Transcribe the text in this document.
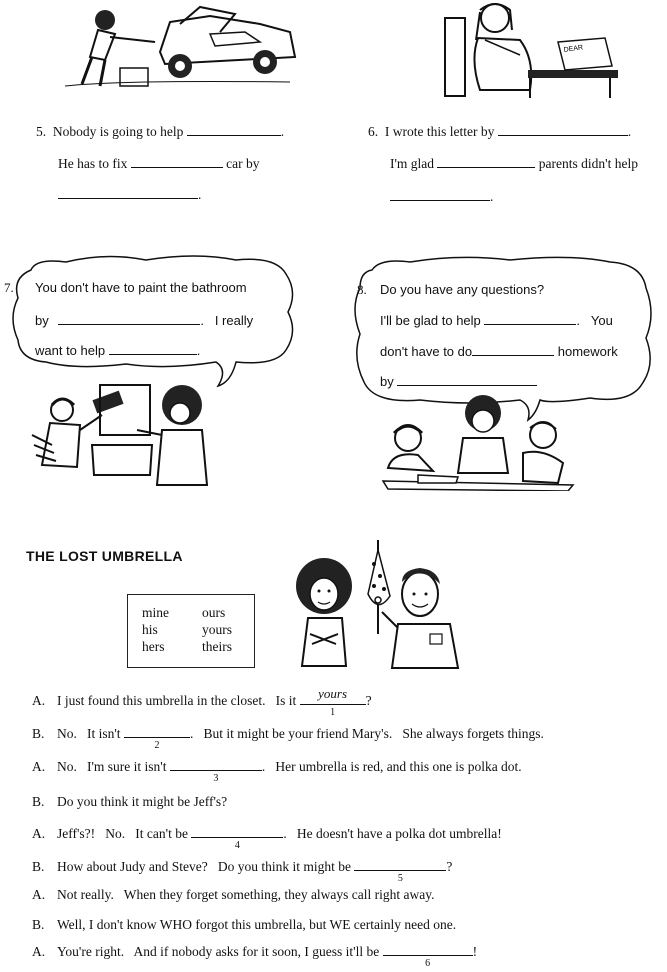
DEAR
5. Nobody is going to help	.
He has to fix	car by
.
6. I wrote this letter by	.
I'm glad	parents didn't help
.
7. You don't have to paint the bathroom
by	.   I really
want to help	.
8. Do you have any questions?
I'll be glad to help	.   You
don't have to do	homework
by
THE LOST UMBRELLA
mine ours
his	yours
hers	theirs
A. I just found this umbrella in the closet.   Is it	yours
1
?
B. No.   It isn't
2
.   But it might be your friend Mary's.   She always forgets things.
A. No.   I'm sure it isn't
3
.   Her umbrella is red, and this one is polka dot.
B. Do you think it might be Jeff's?
A. Jeff's?!   No.   It can't be
4
.   He doesn't have a polka dot umbrella!
B. How about Judy and Steve?   Do you think it might be
5
?
A. Not really.   When they forget something, they always call right away.
B. Well, I don't know WHO forgot this umbrella, but WE certainly need one.
A. You're right.   And if nobody asks for it soon, I guess it'll be
6
!
